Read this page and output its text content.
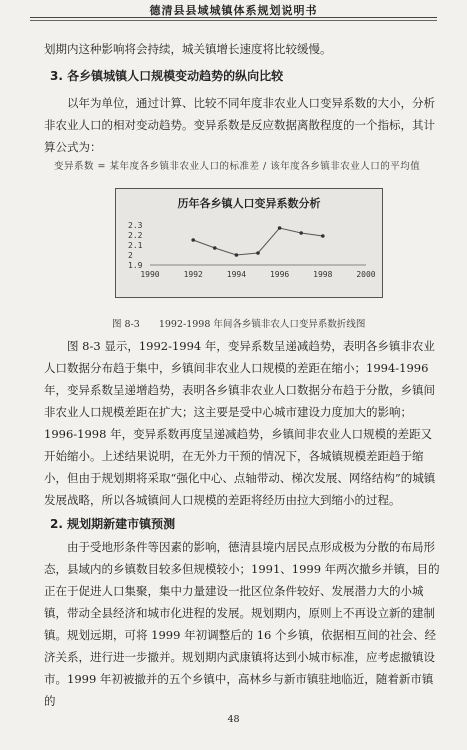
德清县县域城镇体系规划说明书

划期内这种影响将会持续，城关镇增长速度将比较缓慢。

3. 各乡镇城镇人口规模变动趋势的纵向比较

以年为单位，通过计算、比较不同年度非农业人口变异系数的大小，分析非农业人口的相对变动趋势。变异系数是反应数据离散程度的一个指标，其计算公式为：

变异系数 = 某年度各乡镇非农业人口的标准差 / 该年度各乡镇非农业人口的平均值
历年各乡镇人口变异系数分析
1.9
2
2.1
2.2
2.3
1990	1992	1994	1996	1998	2000
图 8-3　　1992-1998 年间各乡镇非农人口变异系数折线图

图 8-3 显示，1992-1994 年，变异系数呈递减趋势，表明各乡镇非农业人口数据分布趋于集中，乡镇间非农业人口规模的差距在缩小；1994-1996 年，变异系数呈递增趋势，表明各乡镇非农业人口数据分布趋于分散，乡镇间非农业人口规模差距在扩大；这主要是受中心城市建设力度加大的影响；1996-1998 年，变异系数再度呈递减趋势，乡镇间非农业人口规模的差距又开始缩小。上述结果说明，在无外力干预的情况下，各城镇规模差距趋于缩小，但由于规划期将采取“强化中心、点轴带动、梯次发展、网络结构”的城镇发展战略，所以各城镇间人口规模的差距将经历由拉大到缩小的过程。

2. 规划期新建市镇预测

由于受地形条件等因素的影响，德清县境内居民点形成极为分散的布局形态，县域内的乡镇数目较多但规模较小；1991、1999 年两次撤乡并镇，目的正在于促进人口集聚，集中力量建设一批区位条件较好、发展潜力大的小城镇，带动全县经济和城市化进程的发展。规划期内，原则上不再设立新的建制镇。规划远期，可将 1999 年初调整后的 16 个乡镇，依据相互间的社会、经济关系，进行进一步撤并。规划期内武康镇将达到小城市标准，应考虑撤镇设市。 1999 年初被撤并的五个乡镇中，高林乡与新市镇驻地临近，随着新市镇的

48
